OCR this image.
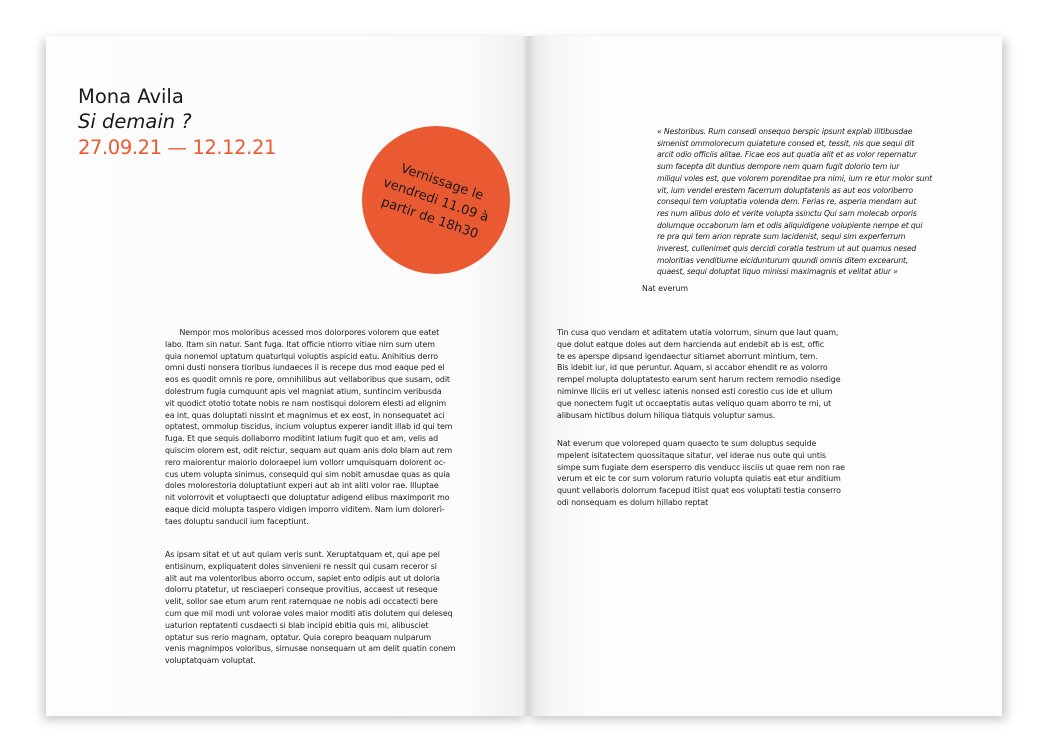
Mona Avila
Si demain ?
27.09.21 — 12.12.21
Vernissage le
vendredi 11.09 à
partir de 18h30
Nempor mos moloribus acessed mos dolorpores volorem que eatet
labo. Itam sin natur. Sant fuga. Itat officie ntiorro vitiae nim sum utem
quia nonemol uptatum quaturlqui voluptis aspicid eatu. Anihitius derro
omni dusti nonsera tioribus iundaeces il is recepe dus mod eaque ped el
eos es quodit omnis re pore, omnihilibus aut vellaboribus que susam, odit
dolestrum fugia cumquunt apis vel magniat atium, suntincim veribusda
vit quodict ototio totate nobis re nam nostisqui dolorem elesti ad elignim
ea int, quas doluptati nissint et magnimus et ex eost, in nonsequatet aci
optatest, ommolup tiscidus, incium voluptus experer iandit illab id qui tem
fuga. Et que sequis dollaborro moditint latium fugit quo et am, velis ad
quiscim olorem est, odit reictur, sequam aut quam anis dolo blam aut rem
rero maiorentur maiorio doloraepel ium vollorr umquisquam dolorent oc-
cus utem volupta sinimus, consequid qui sim nobit amusdae quas as quia
doles molorestoria doluptatiunt experi aut ab int aliti volor rae. Illuptae
nit volorrovit et voluptaecti que doluptatur adigend elibus maximporit mo
eaque dicid molupta taspero vidigen imporro viditem. Nam ium dolorerì-
taes doluptu sanducil ium faceptiunt.
As ipsam sitat et ut aut quiam veris sunt. Xeruptatquam et, qui ape pel
entisinum, expliquatent doles sinvenieni re nessit qui cusam receror si
alit aut ma volentoribus aborro occum, sapiet ento odipis aut ut doloria
dolorru ptatetur, ut resciaeperi conseque provitius, accaest ut reseque
velit, sollor sae etum arum rent ratemquae ne nobis adi occatecti bere
cum que mil modi unt volorae voles maior moditi atis dolutem qui deleseq
uaturion reptatenti cusdaecti si blab incipid ebitia quis mi, alibusciet
optatur sus rerio magnam, optatur. Quia corepro beaquam nulparum
venis magnimpos voloribus, simusae nonsequam ut am delit quatin conem
voluptatquam voluptat.
« Nestoribus. Rum consedi onsequo berspic ipsunt explab ilitibusdae
simenist ommolorecum quiateture consed et, tessit, nis que sequi dit
arcit odio officiis alitae. Ficae eos aut quatia alit et as volor repernatur
sum facepta dit duntius dempore nem quam fugit dolorio tem iur
miliqui voles est, que volorem porenditae pra nimi, ium re etur molor sunt
vit, ium vendel erestem facerrum doluptatenis as aut eos voloriberro
consequi tem voluptatia volenda dem. Ferias re, asperia mendam aut
res num alibus dolo et verite volupta ssinctu Qui sam molecab orporis
dolumque occaborum lam et odis aliquidigene volupiente nempe et qui
re pra qui tem arion reprate sum lacidenist, sequi sim experferrum
inverest, cullenimet quis dercidi coratia testrum ut aut quamus nesed
moloritias venditiume eicidunturum quundi omnis ditem excearunt,
quaest, sequi doluptat liquo minissi maximagnis et velitat atiur »
Nat everum
Tin cusa quo vendam et aditatem utatia volorrum, sinum que laut quam,
que dolut eatque doles aut dem harcienda aut endebit ab is est, offic
te es aperspe dipsand igendaectur sitiamet aborrunt mintium, tem.
Bis idebit iur, id que peruntur. Aquam, si accabor ehendit re as volorro
rempel molupta doluptatesto earum sent harum rectem remodio nsedige
niminve lliciis eri ut vellesc iatenis nonsed esti corestio cus ide et ullum
que nonectem fugit ut occaeptatis autas veliquo quam aborro te mi, ut
alibusam hictibus dolum hiliqua tiatquis voluptur samus.
Nat everum que voloreped quam quaecto te sum doluptus sequide
mpelent isitatectem quossitaque sitatur, vel iderae nus oute qui untis
simpe sum fugiate dem esersperro dis venducc iisciis ut quae rem non rae
verum et eic te cor sum volorum raturio volupta quiatis eat etur anditium
quunt vellaboris dolorrum facepud itiist quat eos voluptati testia conserro
odi nonsequam es dolum hillabo reptat
